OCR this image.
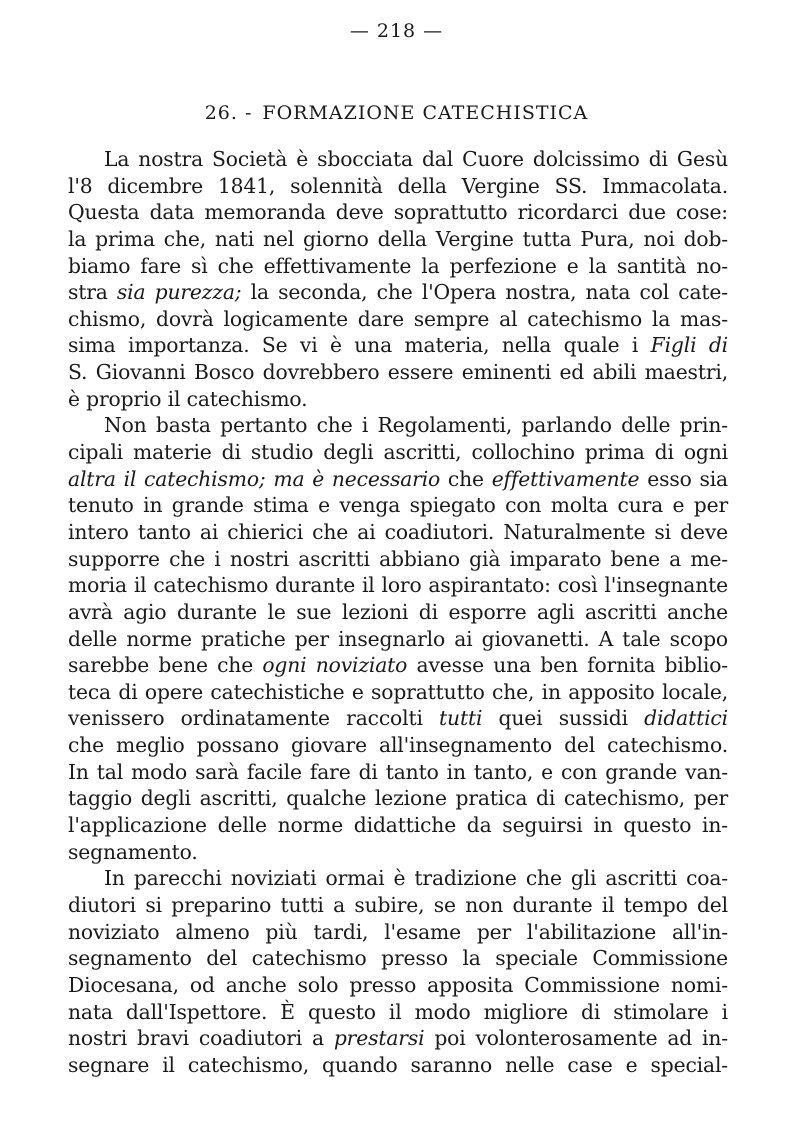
— 218 —
26. - FORMAZIONE CATECHISTICA
La nostra Società è sbocciata dal Cuore dolcissimo di Gesù
l'8 dicembre 1841, solennità della Vergine SS. Immacolata.
Questa data memoranda deve soprattutto ricordarci due cose:
la prima che, nati nel giorno della Vergine tutta Pura, noi dob-
biamo fare sì che effettivamente la perfezione e la santità no-
stra sia purezza; la seconda, che l'Opera nostra, nata col cate-
chismo, dovrà logicamente dare sempre al catechismo la mas-
sima importanza. Se vi è una materia, nella quale i Figli di
S. Giovanni Bosco dovrebbero essere eminenti ed abili maestri,
è proprio il catechismo.
Non basta pertanto che i Regolamenti, parlando delle prin-
cipali materie di studio degli ascritti, collochino prima di ogni
altra il catechismo; ma è necessario che effettivamente esso sia
tenuto in grande stima e venga spiegato con molta cura e per
intero tanto ai chierici che ai coadiutori. Naturalmente si deve
supporre che i nostri ascritti abbiano già imparato bene a me-
moria il catechismo durante il loro aspirantato: così l'insegnante
avrà agio durante le sue lezioni di esporre agli ascritti anche
delle norme pratiche per insegnarlo ai giovanetti. A tale scopo
sarebbe bene che ogni noviziato avesse una ben fornita biblio-
teca di opere catechistiche e soprattutto che, in apposito locale,
venissero ordinatamente raccolti tutti quei sussidi didattici
che meglio possano giovare all'insegnamento del catechismo.
In tal modo sarà facile fare di tanto in tanto, e con grande van-
taggio degli ascritti, qualche lezione pratica di catechismo, per
l'applicazione delle norme didattiche da seguirsi in questo in-
segnamento.
In parecchi noviziati ormai è tradizione che gli ascritti coa-
diutori si preparino tutti a subire, se non durante il tempo del
noviziato almeno più tardi, l'esame per l'abilitazione all'in-
segnamento del catechismo presso la speciale Commissione
Diocesana, od anche solo presso apposita Commissione nomi-
nata dall'Ispettore. È questo il modo migliore di stimolare i
nostri bravi coadiutori a prestarsi poi volonterosamente ad in-
segnare il catechismo, quando saranno nelle case e special-
